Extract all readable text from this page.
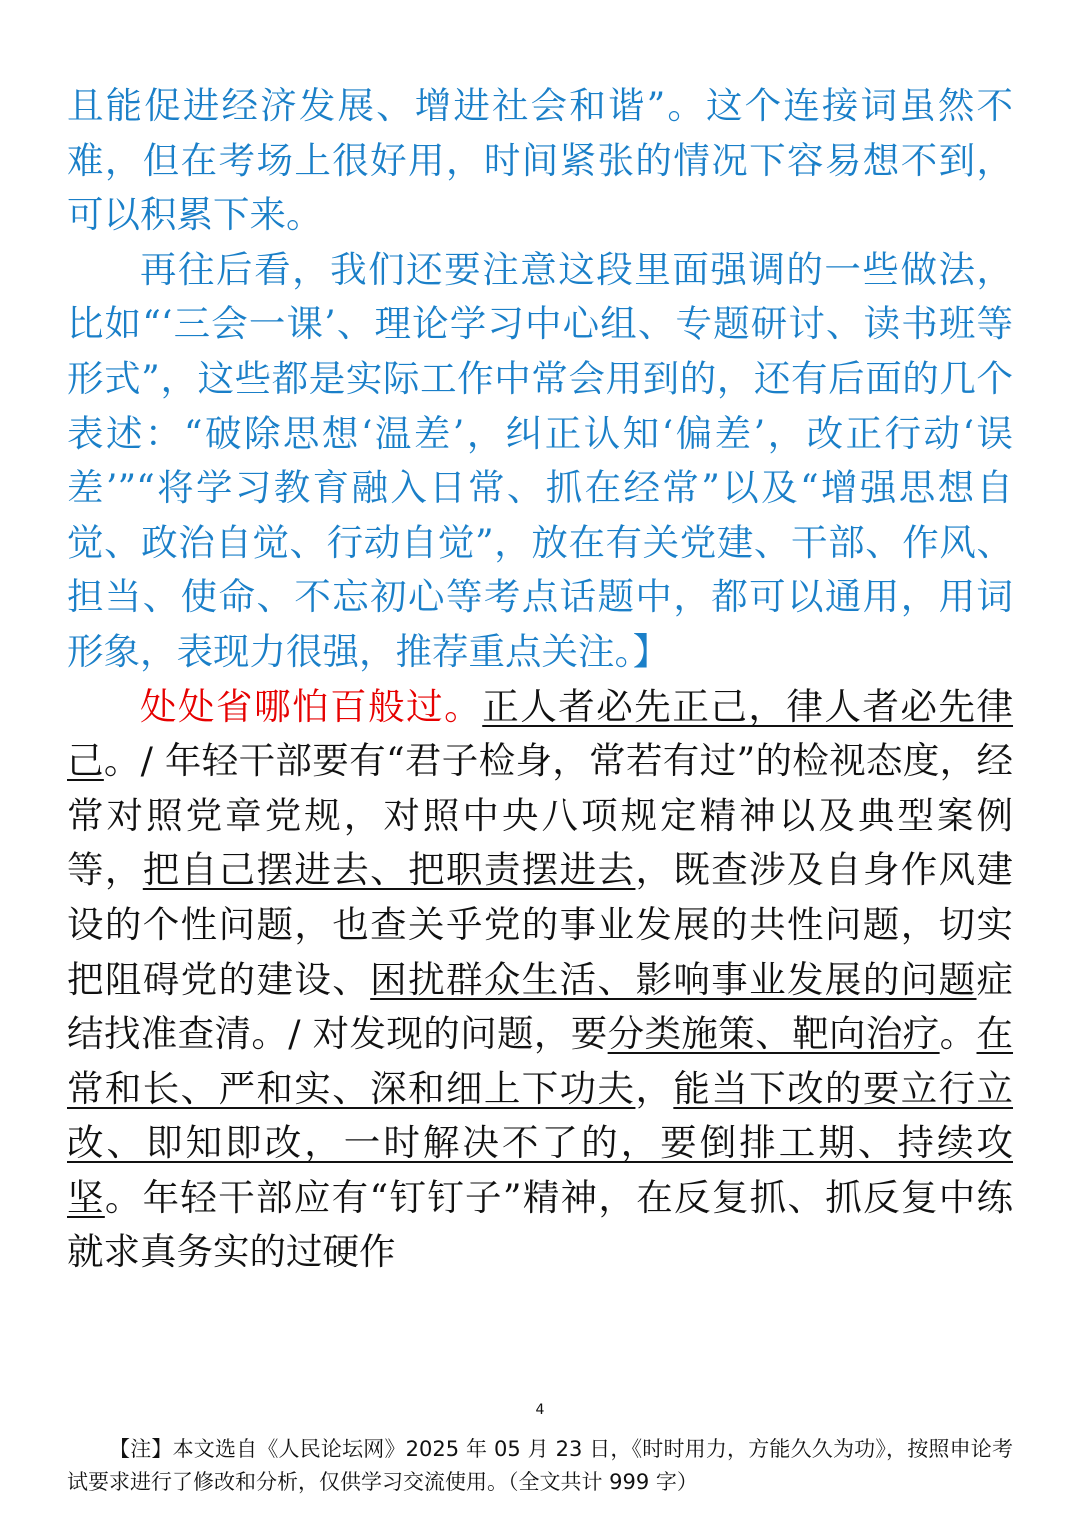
且能促进经济发展、增进社会和谐”。这个连接词虽然不难，但在考场上很好用，时间紧张的情况下容易想不到，可以积累下来。

再往后看，我们还要注意这段里面强调的一些做法，比如“‘三会一课’、理论学习中心组、专题研讨、读书班等形式”，这些都是实际工作中常会用到的，还有后面的几个表述：“破除思想‘温差’，纠正认知‘偏差’，改正行动‘误差’”“将学习教育融入日常、抓在经常”以及“增强思想自觉、政治自觉、行动自觉”，放在有关党建、干部、作风、担当、使命、不忘初心等考点话题中，都可以通用，用词形象，表现力很强，推荐重点关注。】

处处省哪怕百般过。正人者必先正己，律人者必先律己。/ 年轻干部要有“君子检身，常若有过”的检视态度，经常对照党章党规，对照中央八项规定精神以及典型案例等，把自己摆进去、把职责摆进去，既查涉及自身作风建设的个性问题，也查关乎党的事业发展的共性问题，切实把阻碍党的建设、困扰群众生活、影响事业发展的问题症结找准查清。/ 对发现的问题，要分类施策、靶向治疗。在常和长、严和实、深和细上下功夫，能当下改的要立行立改、即知即改，一时解决不了的，要倒排工期、持续攻坚。年轻干部应有“钉钉子”精神，在反复抓、抓反复中练就求真务实的过硬作

4

【注】本文选自《人民论坛网》2025 年 05 月 23 日，《时时用力，方能久久为功》，按照申论考试要求进行了修改和分析，仅供学习交流使用。（全文共计 999 字）
